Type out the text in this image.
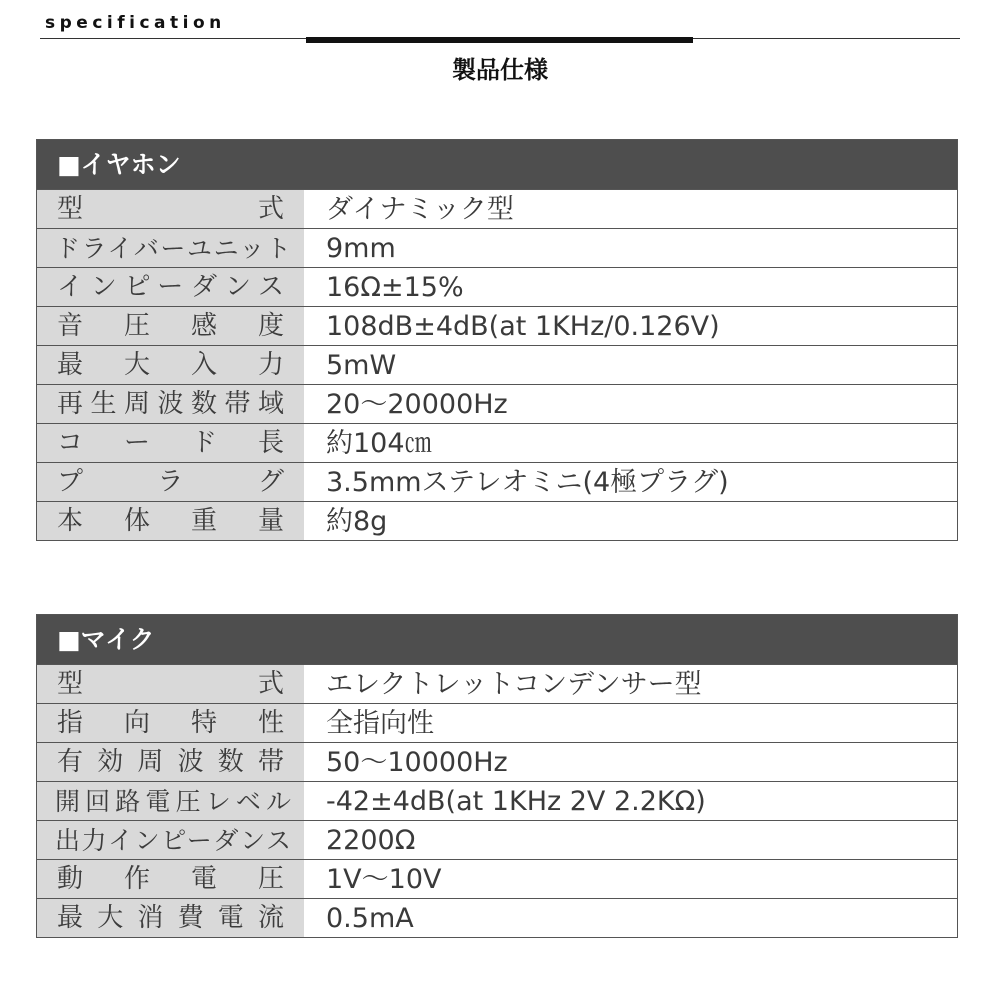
specification
製品仕様
■イヤホン
型　式	ダイナミック型
ドライバーユニット	9mm
インピーダンス	16Ω±15%
音圧感度	108dB±4dB(at 1KHz/0.126V)
最大入力	5mW
再生周波数帯域	20〜20000Hz
コード長	約104㎝
プラグ	3.5mmステレオミニ(4極プラグ)
本体重量	約8g
■マイク
型　式	エレクトレットコンデンサー型
指向特性	全指向性
有効周波数帯	50〜10000Hz
開回路電圧レベル	-42±4dB(at 1KHz 2V 2.2KΩ)
出力インピーダンス	2200Ω
動作電圧	1V〜10V
最大消費電流	0.5mA
